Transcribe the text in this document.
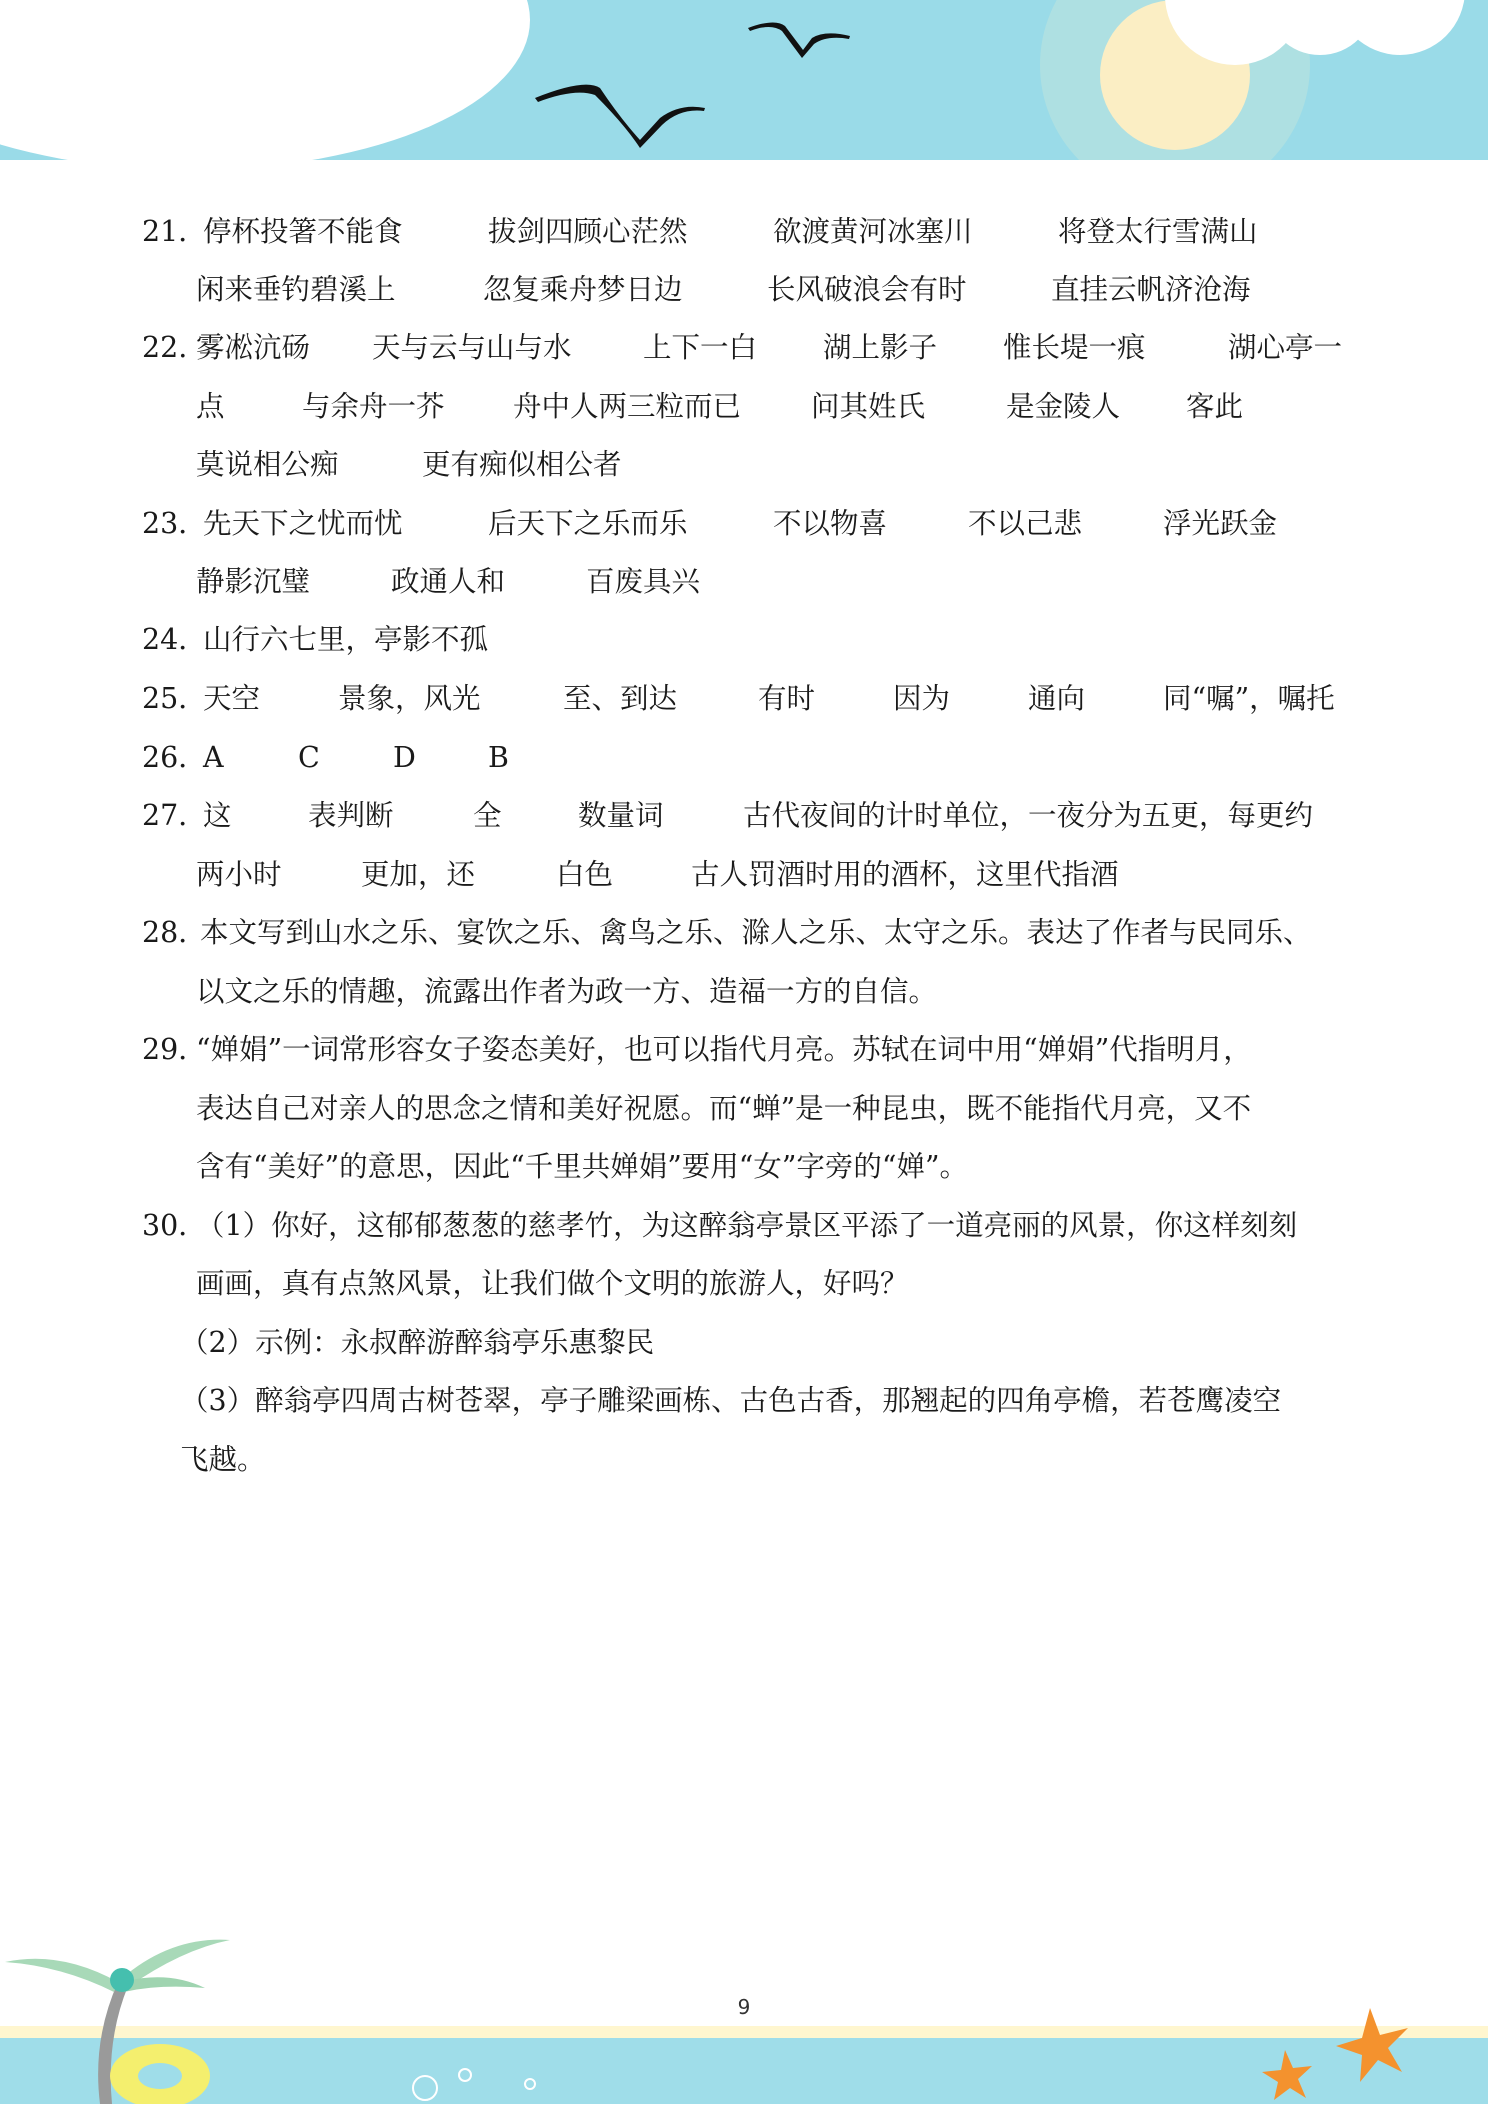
21．
停杯投箸不能食	拔剑四顾心茫然	欲渡黄河冰塞川	将登太行雪满山
闲来垂钓碧溪上	忽复乘舟梦日边	长风破浪会有时	直挂云帆济沧海
22. 雾凇沆砀 天与云与山与水	上下一白 湖上影子 惟长堤一痕	湖心亭一
点	与余舟一芥 舟中人两三粒而已 问其姓氏	是金陵人 客此
莫说相公痴	更有痴似相公者
23．
先天下之忧而忧	后天下之乐而乐	不以物喜	不以己悲	浮光跃金
静影沉璧	政通人和	百废具兴
24．
山行六七里，亭影不孤
25．
天空	景象，风光	至、到达	有时	因为	通向	同“嘱”，嘱托
26．
A	C	D	B
27．
这	表判断	全	数量词	古代夜间的计时单位，一夜分为五更，每更约
两小时	更加，还	白色	古人罚酒时用的酒杯，这里代指酒
28．
本文写到山水之乐、宴饮之乐、禽鸟之乐、滁人之乐、太守之乐。表达了作者与民同乐、
以文之乐的情趣，流露出作者为政一方、造福一方的自信。
29．
“婵娟”一词常形容女子姿态美好，也可以指代月亮。苏轼在词中用“婵娟”代指明月，
表达自己对亲人的思念之情和美好祝愿。而“蝉”是一种昆虫，既不能指代月亮，又不
含有“美好”的意思，因此“千里共婵娟”要用“女”字旁的“婵”。
30．
（1）你好，这郁郁葱葱的慈孝竹，为这醉翁亭景区平添了一道亮丽的风景，你这样刻刻
画画，真有点煞风景，让我们做个文明的旅游人，好吗？
（2）示例：永叔醉游醉翁亭乐惠黎民
（3）醉翁亭四周古树苍翠，亭子雕梁画栋、古色古香，那翘起的四角亭檐，若苍鹰凌空
飞越。
9
